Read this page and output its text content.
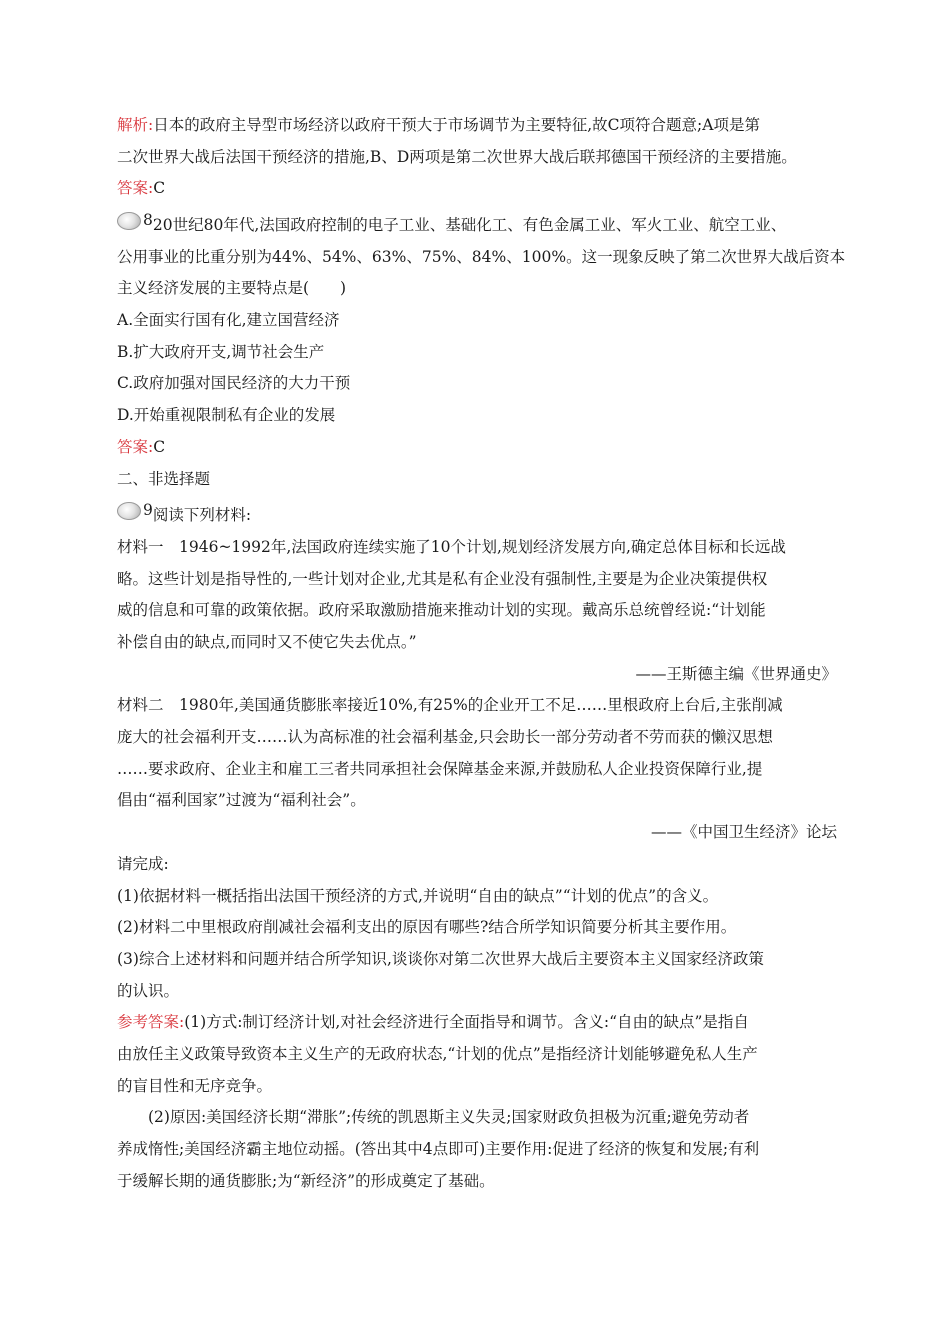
解析:日本的政府主导型市场经济以政府干预大于市场调节为主要特征,故C项符合题意;A项是第
二次世界大战后法国干预经济的措施,B、D两项是第二次世界大战后联邦德国干预经济的主要措施。
答案:C
8 20世纪80年代,法国政府控制的电子工业、基础化工、有色金属工业、军火工业、航空工业、
公用事业的比重分别为44%、54%、63%、75%、84%、100%。这一现象反映了第二次世界大战后资本
主义经济发展的主要特点是(　　)
A.全面实行国有化,建立国营经济
B.扩大政府开支,调节社会生产
C.政府加强对国民经济的大力干预
D.开始重视限制私有企业的发展
答案:C
二、非选择题
9 阅读下列材料:
材料一　1946~1992年,法国政府连续实施了10个计划,规划经济发展方向,确定总体目标和长远战
略。这些计划是指导性的,一些计划对企业,尤其是私有企业没有强制性,主要是为企业决策提供权
威的信息和可靠的政策依据。政府采取激励措施来推动计划的实现。戴高乐总统曾经说:“计划能
补偿自由的缺点,而同时又不使它失去优点。”
——王斯德主编《世界通史》
材料二　1980年,美国通货膨胀率接近10%,有25%的企业开工不足……里根政府上台后,主张削减
庞大的社会福利开支……认为高标准的社会福利基金,只会助长一部分劳动者不劳而获的懒汉思想
……要求政府、企业主和雇工三者共同承担社会保障基金来源,并鼓励私人企业投资保障行业,提
倡由“福利国家”过渡为“福利社会”。
——《中国卫生经济》论坛
请完成:
(1)依据材料一概括指出法国干预经济的方式,并说明“自由的缺点”“计划的优点”的含义。
(2)材料二中里根政府削减社会福利支出的原因有哪些?结合所学知识简要分析其主要作用。
(3)综合上述材料和问题并结合所学知识,谈谈你对第二次世界大战后主要资本主义国家经济政策
的认识。
参考答案:(1)方式:制订经济计划,对社会经济进行全面指导和调节。含义:“自由的缺点”是指自
由放任主义政策导致资本主义生产的无政府状态,“计划的优点”是指经济计划能够避免私人生产
的盲目性和无序竞争。
(2)原因:美国经济长期“滞胀”;传统的凯恩斯主义失灵;国家财政负担极为沉重;避免劳动者
养成惰性;美国经济霸主地位动摇。(答出其中4点即可)主要作用:促进了经济的恢复和发展;有利
于缓解长期的通货膨胀;为“新经济”的形成奠定了基础。
